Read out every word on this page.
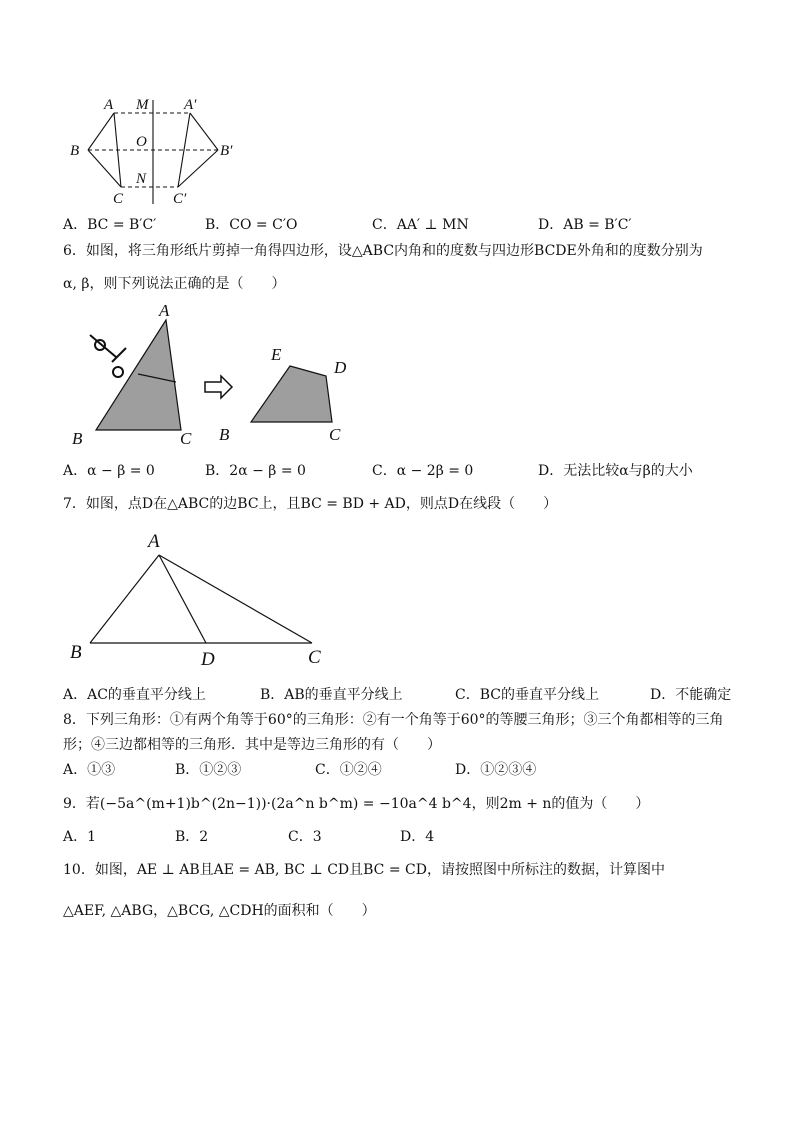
A M A′
B
O
B′
N
C	C′
A．BC = B′C′	B．CO = C′O	C．AA′ ⊥ MN	D．AB = B′C′
6．如图，将三角形纸片剪掉一角得四边形，设△ABC内角和的度数与四边形BCDE外角和的度数分别为
α, β，则下列说法正确的是（　　）
A
B	C
E
D
B	C
A．α − β = 0	B．2α − β = 0	C．α − 2β = 0	D．无法比较α与β的大小
7．如图，点D在△ABC的边BC上，且BC = BD + AD，则点D在线段（　　）
A
B	D	C
A．AC的垂直平分线上	B．AB的垂直平分线上	C．BC的垂直平分线上	D．不能确定
8．下列三角形：①有两个角等于60°的三角形：②有一个角等于60°的等腰三角形；③三个角都相等的三角
形；④三边都相等的三角形．其中是等边三角形的有（　　）
A．①③	B．①②③	C．①②④	D．①②③④
9．若(−5a^(m+1)b^(2n−1))·(2a^n b^m) = −10a^4 b^4，则2m + n的值为（　　）
A．1	B．2	C．3	D．4
10．如图，AE ⊥ AB且AE = AB, BC ⊥ CD且BC = CD，请按照图中所标注的数据，计算图中
△AEF, △ABG，△BCG, △CDH的面积和（　　）
